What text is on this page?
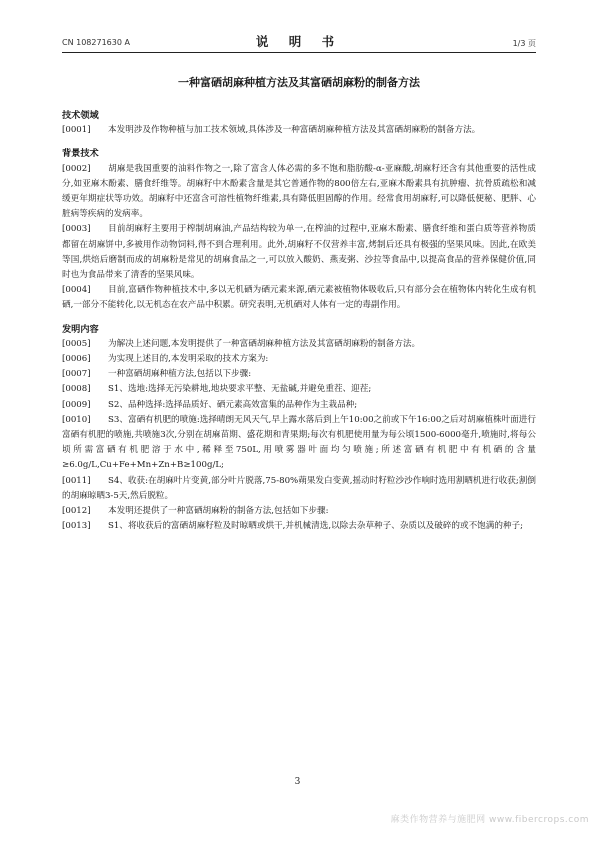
CN 108271630 A	说 明 书	1/3 页
一种富硒胡麻种植方法及其富硒胡麻粉的制备方法

技术领域

[0001] 本发明涉及作物种植与加工技术领域,具体涉及一种富硒胡麻种植方法及其富硒胡麻粉的制备方法。

背景技术

[0002] 胡麻是我国重要的油料作物之一,除了富含人体必需的多不饱和脂肪酸-α-亚麻酸,胡麻籽还含有其他重要的活性成分,如亚麻木酚素、膳食纤维等。胡麻籽中木酚素含量是其它普通作物的800倍左右,亚麻木酚素具有抗肿瘤、抗骨质疏松和减缓更年期症状等功效。胡麻籽中还富含可溶性植物纤维素,具有降低胆固醇的作用。经常食用胡麻籽,可以降低便秘、肥胖、心脏病等疾病的发病率。

[0003] 目前胡麻籽主要用于榨制胡麻油,产品结构较为单一,在榨油的过程中,亚麻木酚素、膳食纤维和蛋白质等营养物质都留在胡麻饼中,多被用作动物饲料,得不到合理利用。此外,胡麻籽不仅营养丰富,烤制后还具有极强的坚果风味。因此,在欧美等国,烘焙后磨制而成的胡麻粉是常见的胡麻食品之一,可以放入酸奶、燕麦粥、沙拉等食品中,以提高食品的营养保健价值,同时也为食品带来了清香的坚果风味。

[0004] 目前,富硒作物种植技术中,多以无机硒为硒元素来源,硒元素被植物体吸收后,只有部分会在植物体内转化生成有机硒,一部分不能转化,以无机态在农产品中积累。研究表明,无机硒对人体有一定的毒副作用。

发明内容

[0005] 为解决上述问题,本发明提供了一种富硒胡麻种植方法及其富硒胡麻粉的制备方法。

[0006] 为实现上述目的,本发明采取的技术方案为:

[0007] 一种富硒胡麻种植方法,包括以下步骤:

[0008] S1、选地:选择无污染耕地,地块要求平整、无盐碱,并避免重茬、迎茬;

[0009] S2、品种选择:选择品质好、硒元素高效富集的品种作为主栽品种;

[0010] S3、富硒有机肥的喷施:选择晴朗无风天气,早上露水落后到上午10:00之前或下午16:00之后对胡麻植株叶面进行富硒有机肥的喷施,共喷施3次,分别在胡麻苗期、盛花期和青果期;每次有机肥使用量为每公顷1500-6000毫升,喷施时,将每公顷所需富硒有机肥溶于水中,稀释至750L,用喷雾器叶面均匀喷施;所述富硒有机肥中有机硒的含量≥6.0g/L,Cu+Fe+Mn+Zn+B≥100g/L;

[0011] S4、收获:在胡麻叶片变黄,部分叶片脱落,75-80%蒴果发白变黄,摇动时籽粒沙沙作响时选用割晒机进行收获;割倒的胡麻晾晒3-5天,然后脱粒。

[0012] 本发明还提供了一种富硒胡麻粉的制备方法,包括如下步骤:

[0013] S1、将收获后的富硒胡麻籽粒及时晾晒或烘干,并机械清选,以除去杂草种子、杂质以及破碎的或不饱满的种子;

3
麻类作物营养与施肥网 www.fibercrops.com
